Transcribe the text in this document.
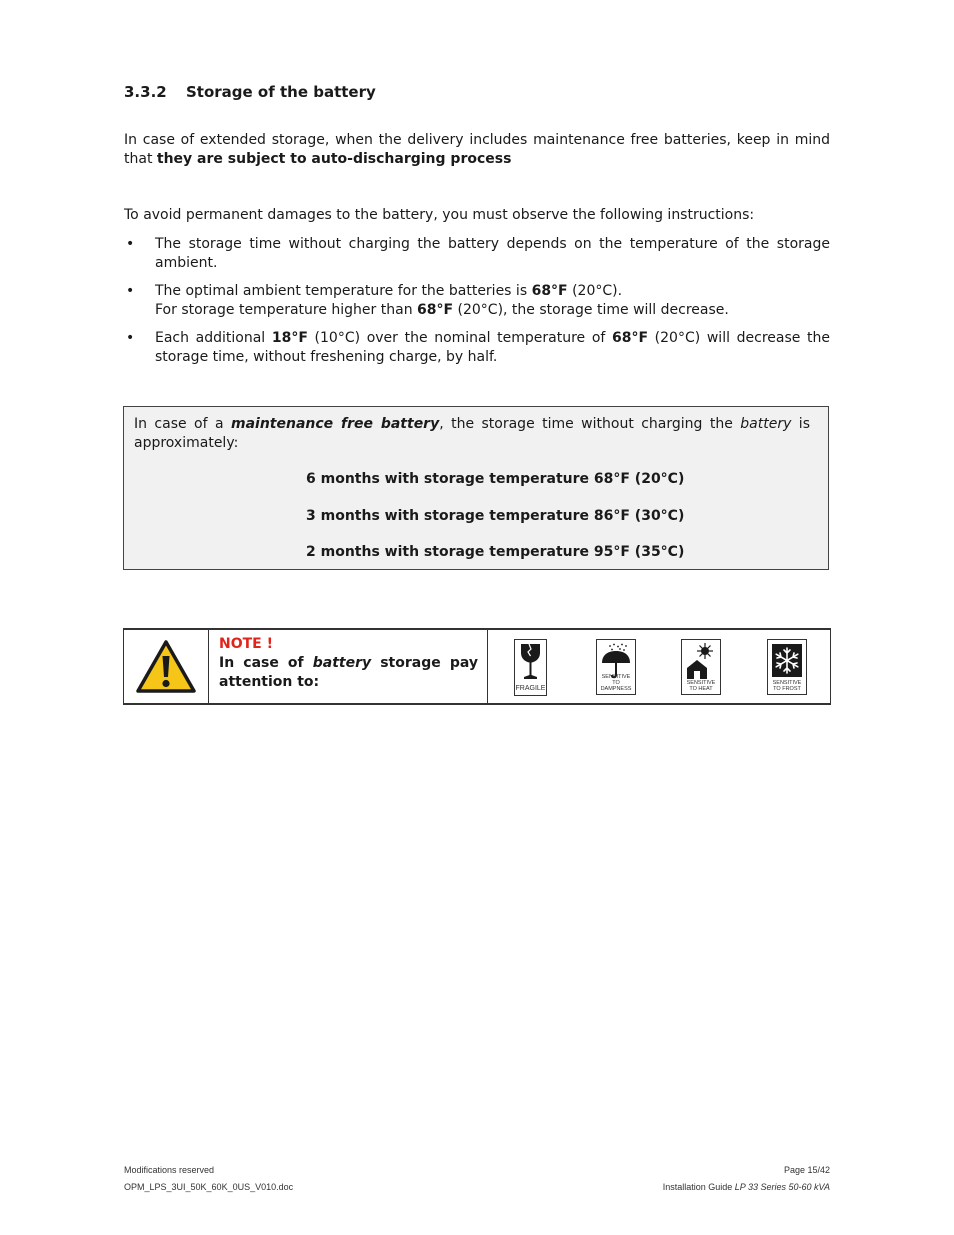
3.3.2 Storage of the battery
In case of extended storage, when the delivery includes maintenance free batteries, keep in mind that they are subject to auto-discharging process
To avoid permanent damages to the battery, you must observe the following instructions:
• The storage time without charging the battery depends on the temperature of the storage ambient.
• The optimal ambient temperature for the batteries is 68°F (20°C).
For storage temperature higher than 68°F (20°C), the storage time will decrease.
• Each additional 18°F (10°C) over the nominal temperature of 68°F (20°C) will decrease the storage time, without freshening charge, by half.
In case of a maintenance free battery, the storage time without charging the battery is approximately:
6 months with storage temperature 68°F (20°C)
3 months with storage temperature 86°F (30°C)
2 months with storage temperature 95°F (35°C)
NOTE !
In case of battery storage pay attention to:	FRAGILE
SENSITIVE
TO DAMPNESS
SENSITIVE
TO HEAT
SENSITIVE
TO FROST
Modifications reserved	Page 15/42
OPM_LPS_3UI_50K_60K_0US_V010.doc	Installation Guide LP 33 Series 50-60 kVA
